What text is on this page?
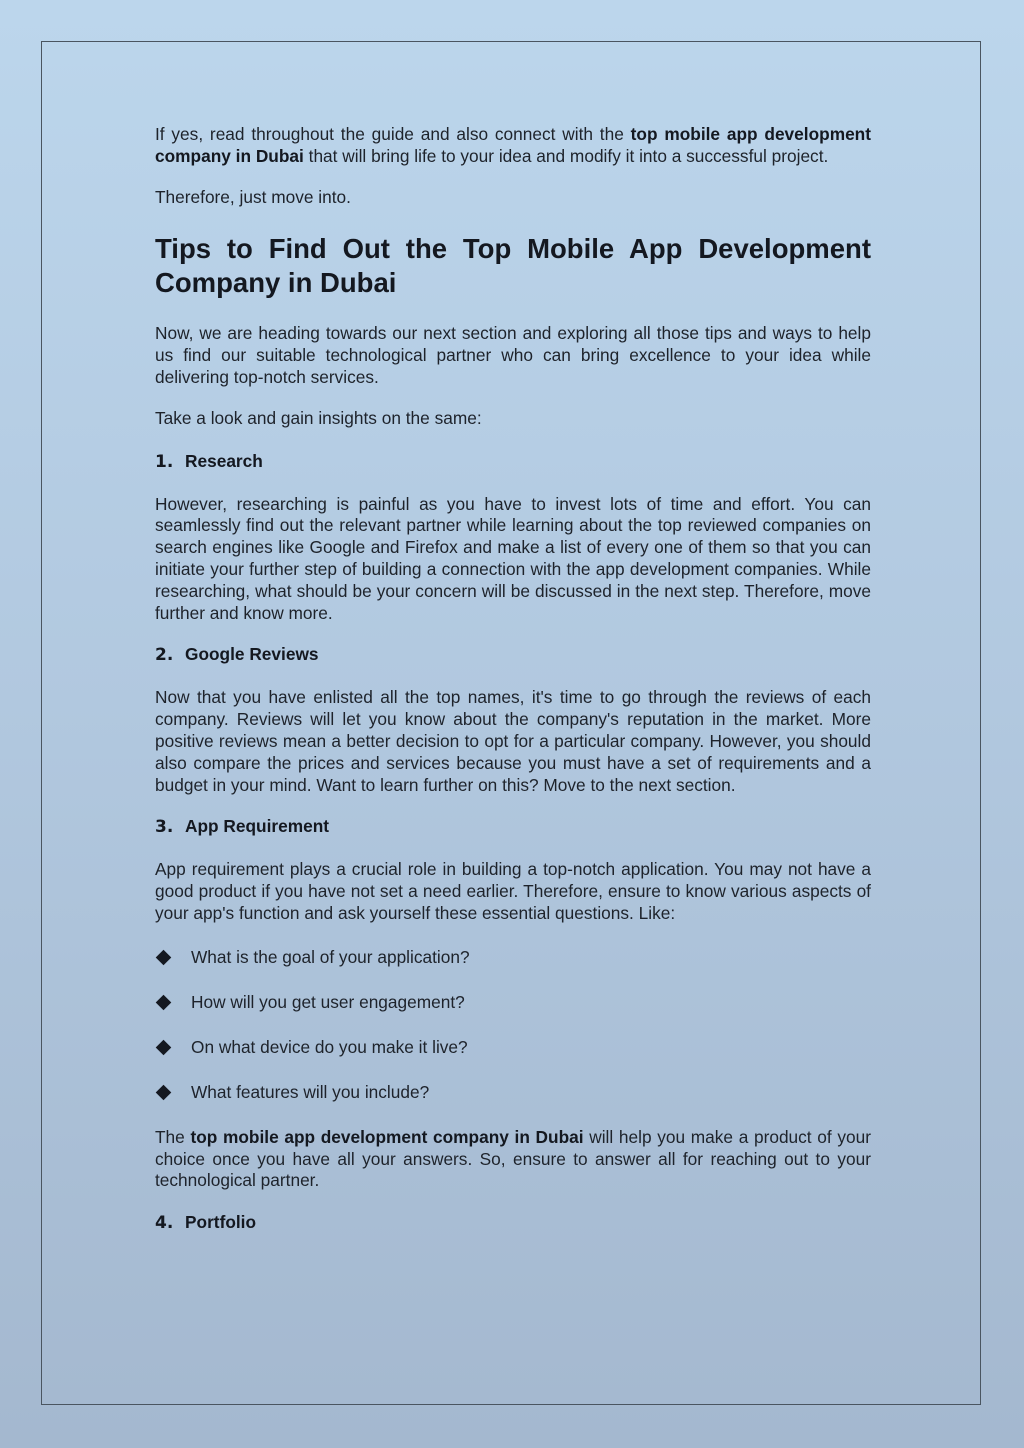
If yes, read throughout the guide and also connect with the top mobile app development company in Dubai that will bring life to your idea and modify it into a successful project.

Therefore, just move into.

Tips to Find Out the Top Mobile App Development Company in Dubai

Now, we are heading towards our next section and exploring all those tips and ways to help us find our suitable technological partner who can bring excellence to your idea while delivering top-notch services.

Take a look and gain insights on the same:

1. Research

However, researching is painful as you have to invest lots of time and effort. You can seamlessly find out the relevant partner while learning about the top reviewed companies on search engines like Google and Firefox and make a list of every one of them so that you can initiate your further step of building a connection with the app development companies. While researching, what should be your concern will be discussed in the next step. Therefore, move further and know more.

2. Google Reviews

Now that you have enlisted all the top names, it's time to go through the reviews of each company. Reviews will let you know about the company's reputation in the market. More positive reviews mean a better decision to opt for a particular company. However, you should also compare the prices and services because you must have a set of requirements and a budget in your mind. Want to learn further on this? Move to the next section.

3. App Requirement

App requirement plays a crucial role in building a top-notch application. You may not have a good product if you have not set a need earlier. Therefore, ensure to know various aspects of your app's function and ask yourself these essential questions. Like:

What is the goal of your application?
How will you get user engagement?
On what device do you make it live?
What features will you include?

The top mobile app development company in Dubai will help you make a product of your choice once you have all your answers. So, ensure to answer all for reaching out to your technological partner.

4. Portfolio
